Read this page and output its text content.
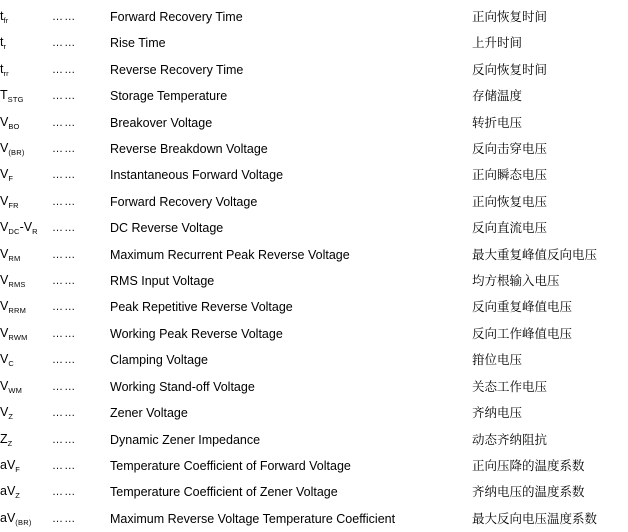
$t_{fr}$	……	Forward Recovery Time	正向恢复时间
$t_r$	……	Rise Time	上升时间
$t_{rr}$	……	Reverse Recovery Time	反向恢复时间
$T_{STG}$	……	Storage Temperature	存储温度
$V_{BO}$	……	Breakover Voltage	转折电压
$V_{(BR)}$	……	Reverse Breakdown Voltage	反向击穿电压
$V_F$	……	Instantaneous Forward Voltage	正向瞬态电压
$V_{FR}$	……	Forward Recovery Voltage	正向恢复电压
$V_{DC}-V_R$	……	DC Reverse Voltage	反向直流电压
$V_{RM}$	……	Maximum Recurrent Peak Reverse Voltage	最大重复峰值反向电压
$V_{RMS}$	……	RMS Input Voltage	均方根输入电压
$V_{RRM}$	……	Peak Repetitive Reverse Voltage	反向重复峰值电压
$V_{RWM}$	……	Working Peak Reverse Voltage	反向工作峰值电压
$V_C$	……	Clamping Voltage	箝位电压
$V_{WM}$	……	Working Stand-off Voltage	关态工作电压
$V_Z$	……	Zener Voltage	齐纳电压
$Z_Z$	……	Dynamic Zener Impedance	动态齐纳阻抗
$aV_F$	……	Temperature Coefficient of Forward Voltage	正向压降的温度系数
$aV_Z$	……	Temperature Coefficient of Zener Voltage	齐纳电压的温度系数
$aV_{(BR)}$	……	Maximum Reverse Voltage Temperature Coefficient	最大反向电压温度系数
